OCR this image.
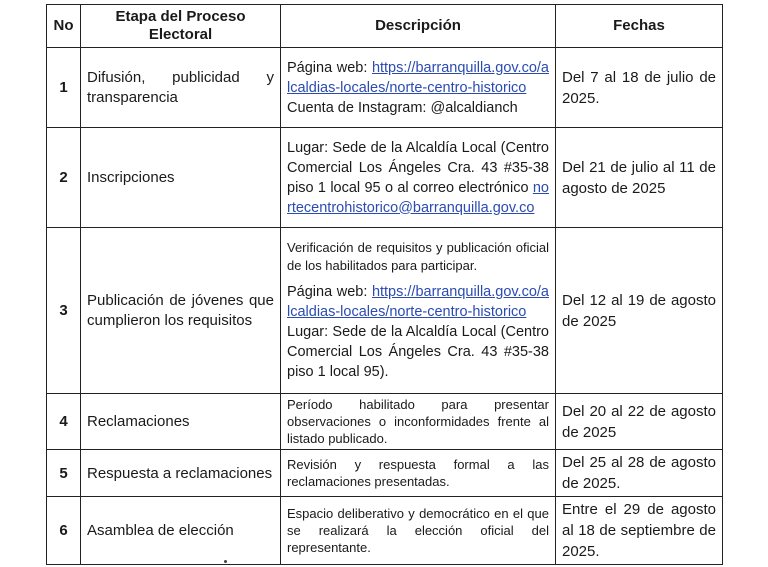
No	Etapa del Proceso Electoral	Descripción	Fechas
1	Difusión, publicidad y transparencia	Página web: https://barranquilla.gov.co/alcaldias-locales/norte-centro-historico

Cuenta de Instagram: @alcaldianch	Del 7 al 18 de julio de 2025.
2	Inscripciones	Lugar: Sede de la Alcaldía Local (Centro Comercial Los Ángeles Cra. 43 #35-38 piso 1 local 95 o al correo electrónico nortecentrohistorico@barranquilla.gov.co	Del 21 de julio al 11 de agosto de 2025
3	Publicación de jóvenes que cumplieron los requisitos	Verificación de requisitos y publicación oficial de los habilitados para participar.

Página web: https://barranquilla.gov.co/alcaldias-locales/norte-centro-historico

Lugar: Sede de la Alcaldía Local (Centro Comercial Los Ángeles Cra. 43 #35-38 piso 1 local 95).	Del 12 al 19 de agosto de 2025
4	Reclamaciones	Período habilitado para presentar observaciones o inconformidades frente al listado publicado.	Del 20 al 22 de agosto de 2025
5	Respuesta a reclamaciones	Revisión y respuesta formal a las reclamaciones presentadas.	Del 25 al 28 de agosto de 2025.
6	Asamblea de elección	Espacio deliberativo y democrático en el que se realizará la elección oficial del representante.	Entre el 29 de agosto al 18 de septiembre de 2025.
